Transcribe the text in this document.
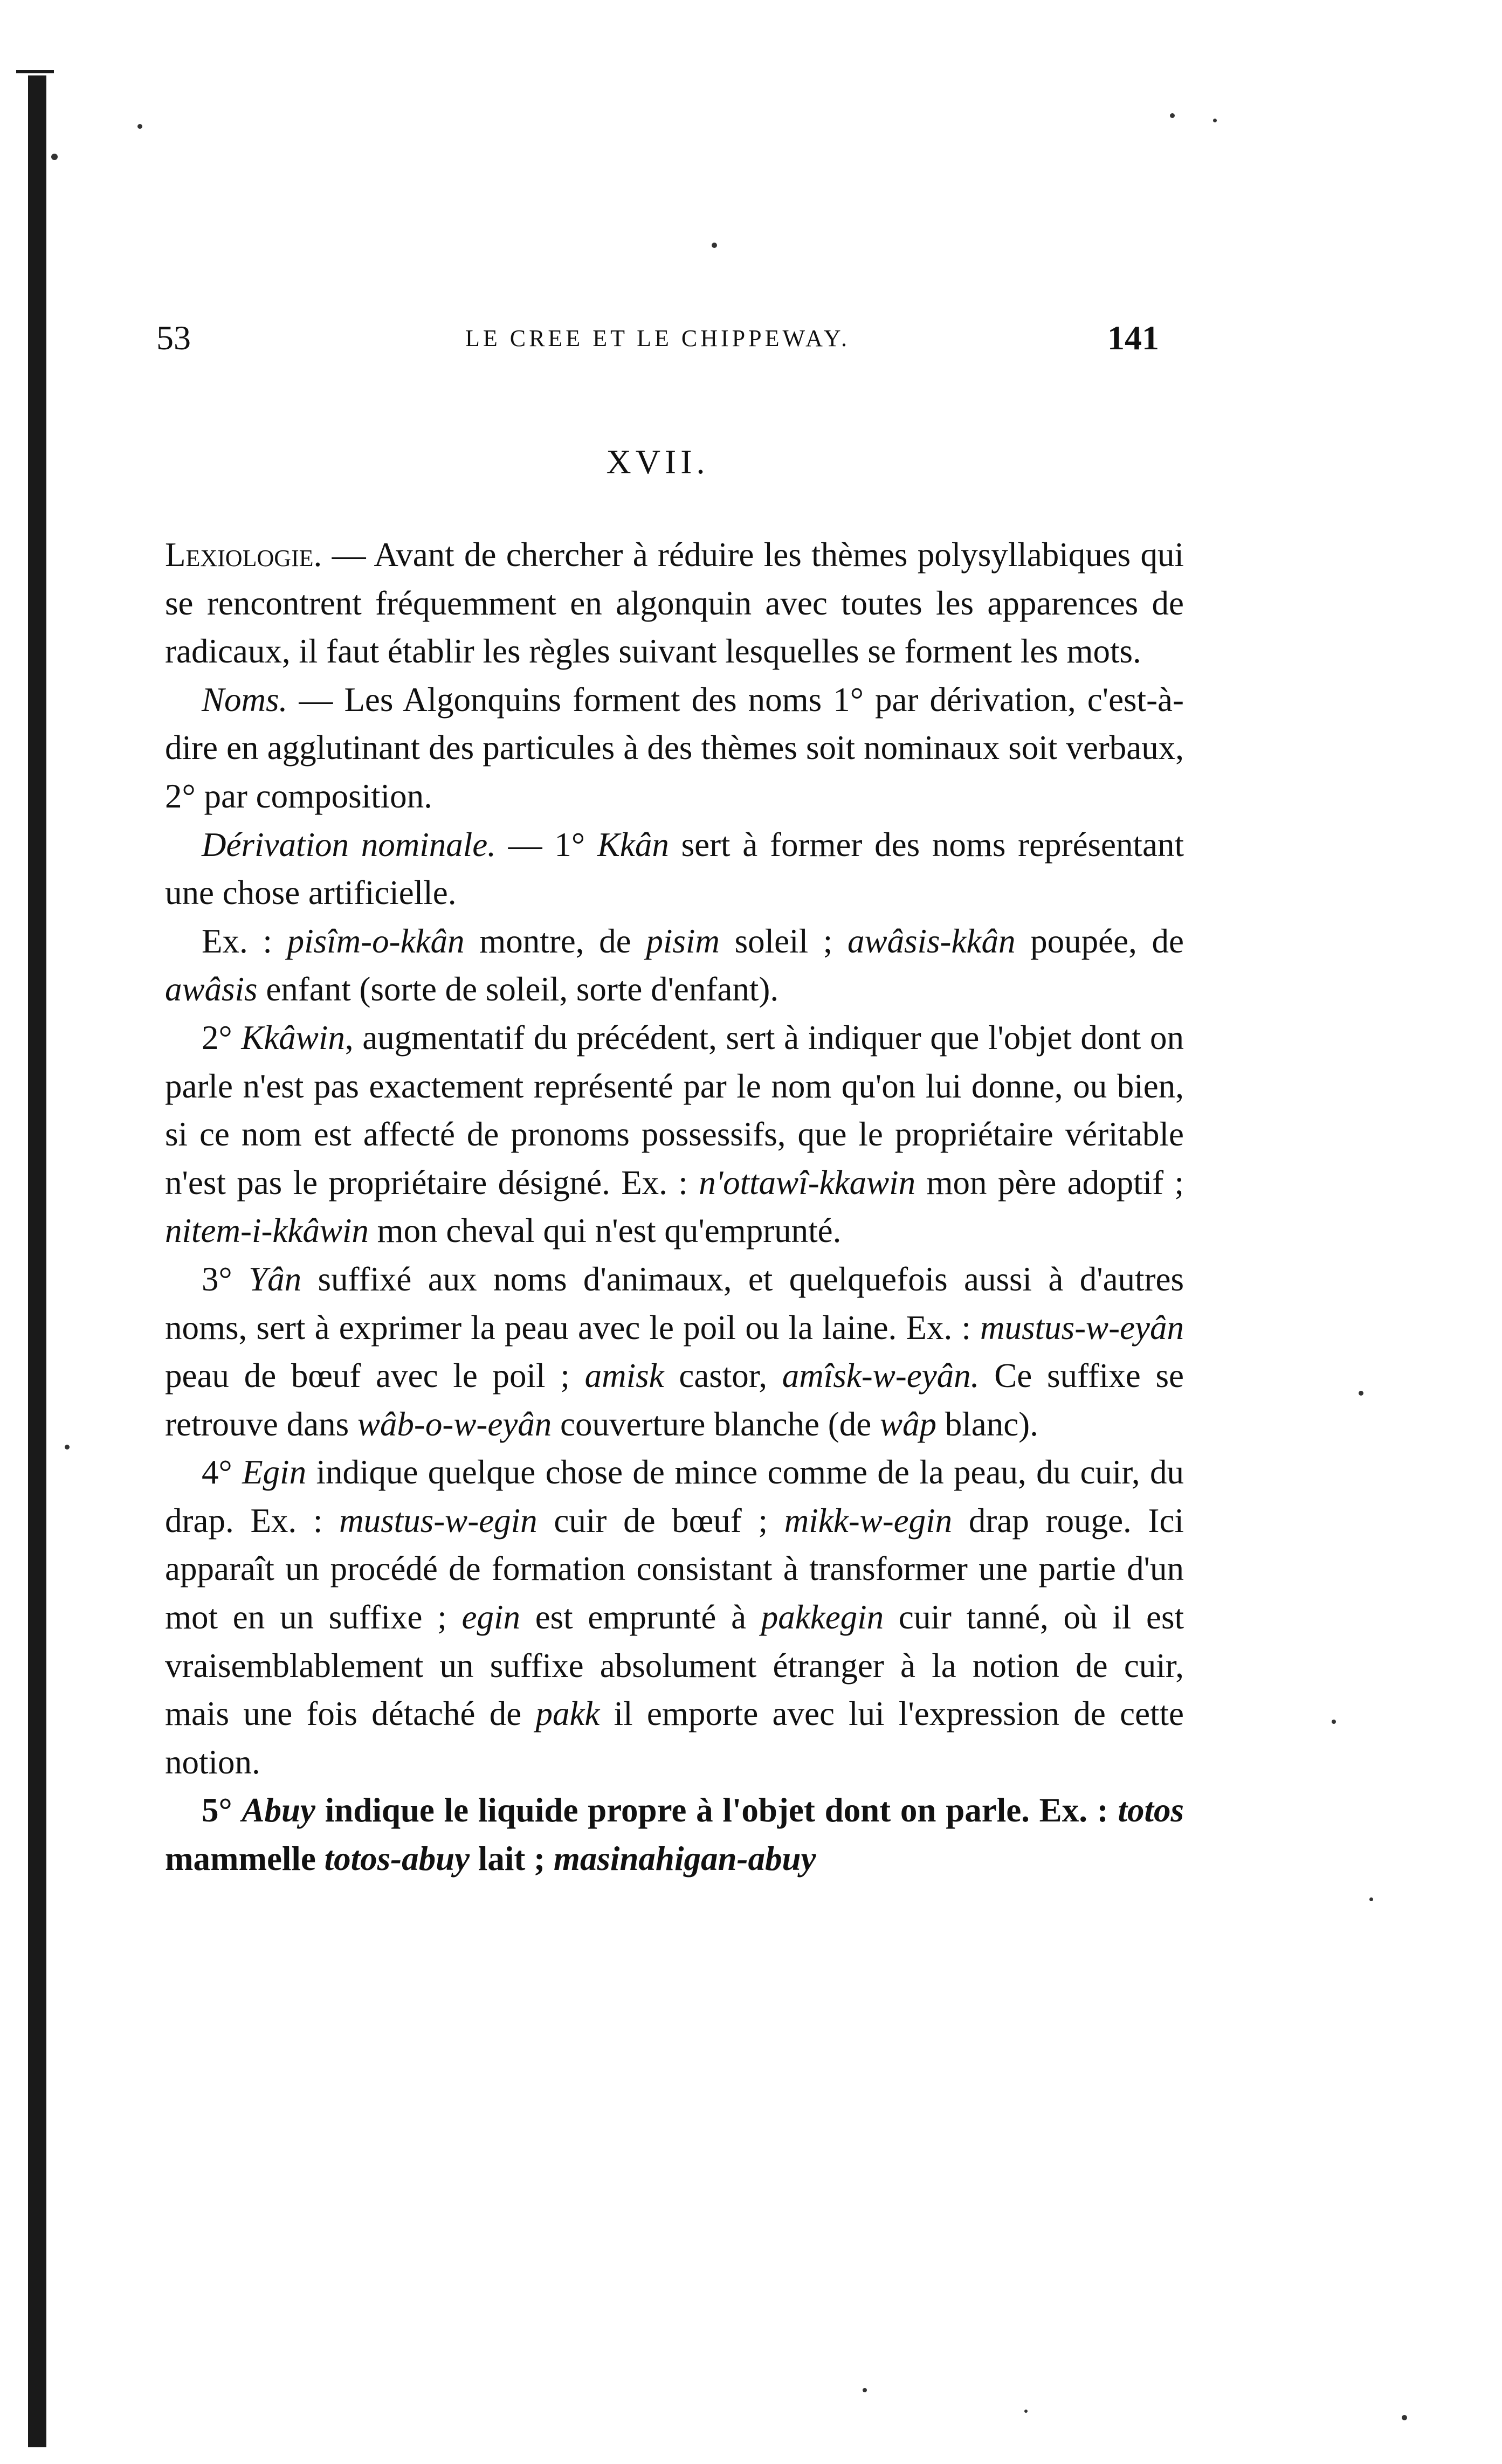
53	LE CREE ET LE CHIPPEWAY.	141
XVII.

Lexiologie. — Avant de chercher à réduire les thèmes polysyllabiques qui se rencontrent fréquemment en algonquin avec toutes les apparences de radicaux, il faut établir les règles suivant lesquelles se forment les mots.

Noms. — Les Algonquins forment des noms 1° par dérivation, c'est-à-dire en agglutinant des particules à des thèmes soit nominaux soit verbaux, 2° par composition.

Dérivation nominale. — 1° Kkân sert à former des noms représentant une chose artificielle.

Ex. : pisîm-o-kkân montre, de pisim soleil ; awâsis-kkân poupée, de awâsis enfant (sorte de soleil, sorte d'enfant).

2° Kkâwin, augmentatif du précédent, sert à indiquer que l'objet dont on parle n'est pas exactement représenté par le nom qu'on lui donne, ou bien, si ce nom est affecté de pronoms possessifs, que le propriétaire véritable n'est pas le propriétaire désigné. Ex. : n'ottawî-kkawin mon père adoptif ; nitem-i-kkâwin mon cheval qui n'est qu'emprunté.

3° Yân suffixé aux noms d'animaux, et quelquefois aussi à d'autres noms, sert à exprimer la peau avec le poil ou la laine. Ex. : mustus-w-eyân peau de bœuf avec le poil ; amisk castor, amîsk-w-eyân. Ce suffixe se retrouve dans wâb-o-w-eyân couverture blanche (de wâp blanc).

4° Egin indique quelque chose de mince comme de la peau, du cuir, du drap. Ex. : mustus-w-egin cuir de bœuf ; mikk-w-egin drap rouge. Ici apparaît un procédé de formation consistant à transformer une partie d'un mot en un suffixe ; egin est emprunté à pakkegin cuir tanné, où il est vraisemblablement un suffixe absolument étranger à la notion de cuir, mais une fois détaché de pakk il emporte avec lui l'expression de cette notion.

5° Abuy indique le liquide propre à l'objet dont on parle. Ex. : totos mammelle totos-abuy lait ; masinahigan-abuy
